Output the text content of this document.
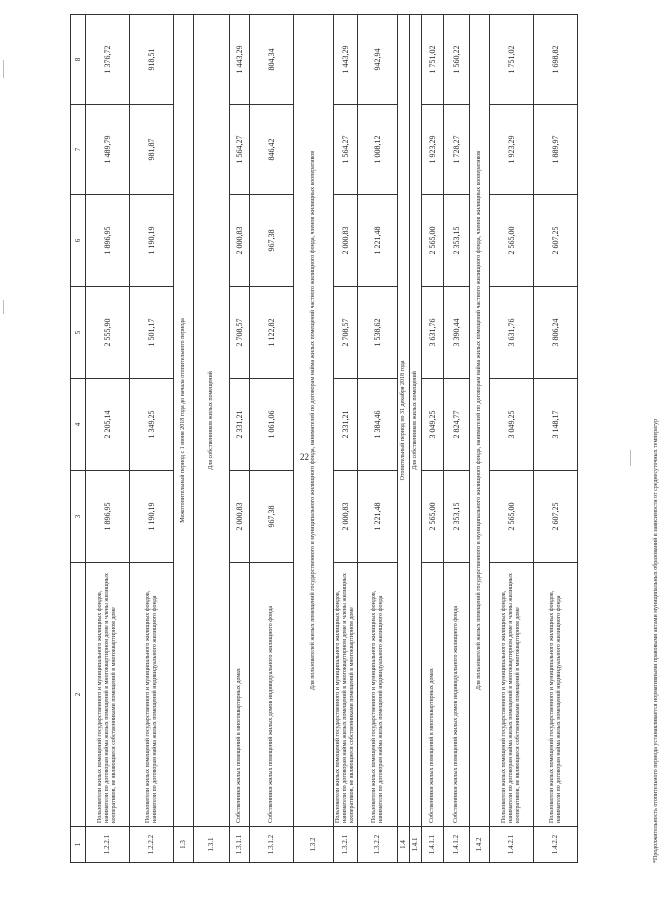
22
1	2	3	4	5	6	7	8
1.2.2.1	Пользователи жилых помещений государственного и муниципального жилищных фондов, наниматели по договорам найма жилых помещений в многоквартирном доме и члены жилищных кооперативов, не являющиеся собственниками помещений в многоквартирном доме	1 896,95	2 205,14	2 555,90	1 896,95	1 489,79	1 376,72
1.2.2.2	Пользователи жилых помещений государственного и муниципального жилищных фондов, наниматели по договорам найма жилых помещений индивидуального жилищного фонда	1 190,19	1 349,25	1 501,17	1 190,19	981,87	918,51
1.3	Межотопительный период с 1 июня 2018 года до начала отопительного периода						
1.3.1	Для собственников жилых помещений						
1.3.1.1	Собственники жилых помещений в многоквартирных домах	2 000,83	2 331,21	2 708,57	2 000,83	1 564,27	1 443,29
1.3.1.2	Собственники жилых помещений жилых домов индивидуального жилищного фонда	967,38	1 061,06	1 122,82	967,38	846,42	804,34
1.3.2	Для пользователей жилых помещений государственного и муниципального жилищного фонда, нанимателей по договорам найма жилых помещений частного жилищного фонда, членов жилищных кооперативов						
1.3.2.1	Пользователи жилых помещений государственного и муниципального жилищных фондов, наниматели по договорам найма жилых помещений в многоквартирном доме и члены жилищных кооперативов, не являющиеся собственниками помещений в многоквартирном доме	2 000,83	2 331,21	2 708,57	2 000,83	1 564,27	1 443,29
1.3.2.2	Пользователи жилых помещений государственного и муниципального жилищных фондов, наниматели по договорам найма жилых помещений индивидуального жилищного фонда	1 221,48	1 384,46	1 538,62	1 221,48	1 008,12	942,94
1.4	Отопительный период по 31 декабря 2018 года						
1.4.1	Для собственников жилых помещений						
1.4.1.1	Собственники жилых помещений в многоквартирных домах	2 565,00	3 049,25	3 631,76	2 565,00	1 923,29	1 751,02
1.4.1.2	Собственники жилых помещений жилых домов индивидуального жилищного фонда	2 353,15	2 824,77	3 390,44	2 353,15	1 728,27	1 560,22
1.4.2	Для пользователей жилых помещений государственного и муниципального жилищного фонда, нанимателей по договорам найма жилых помещений частного жилищного фонда, членов жилищных кооперативов						
1.4.2.1	Пользователи жилых помещений государственного и муниципального жилищных фондов, наниматели по договорам найма жилых помещений в многоквартирном доме и члены жилищных кооперативов, не являющиеся собственниками помещений в многоквартирном доме	2 565,00	3 049,25	3 631,76	2 565,00	1 923,29	1 751,02
1.4.2.2	Пользователи жилых помещений государственного и муниципального жилищных фондов, наниматели по договорам найма жилых помещений индивидуального жилищного фонда	2 607,25	3 148,17	3 806,24	2 607,25	1 889,97	1 698,82
*Продолжительность отопительного периода устанавливается нормативными правовыми актами муниципальных образований в зависимости от среднесуточных температур
